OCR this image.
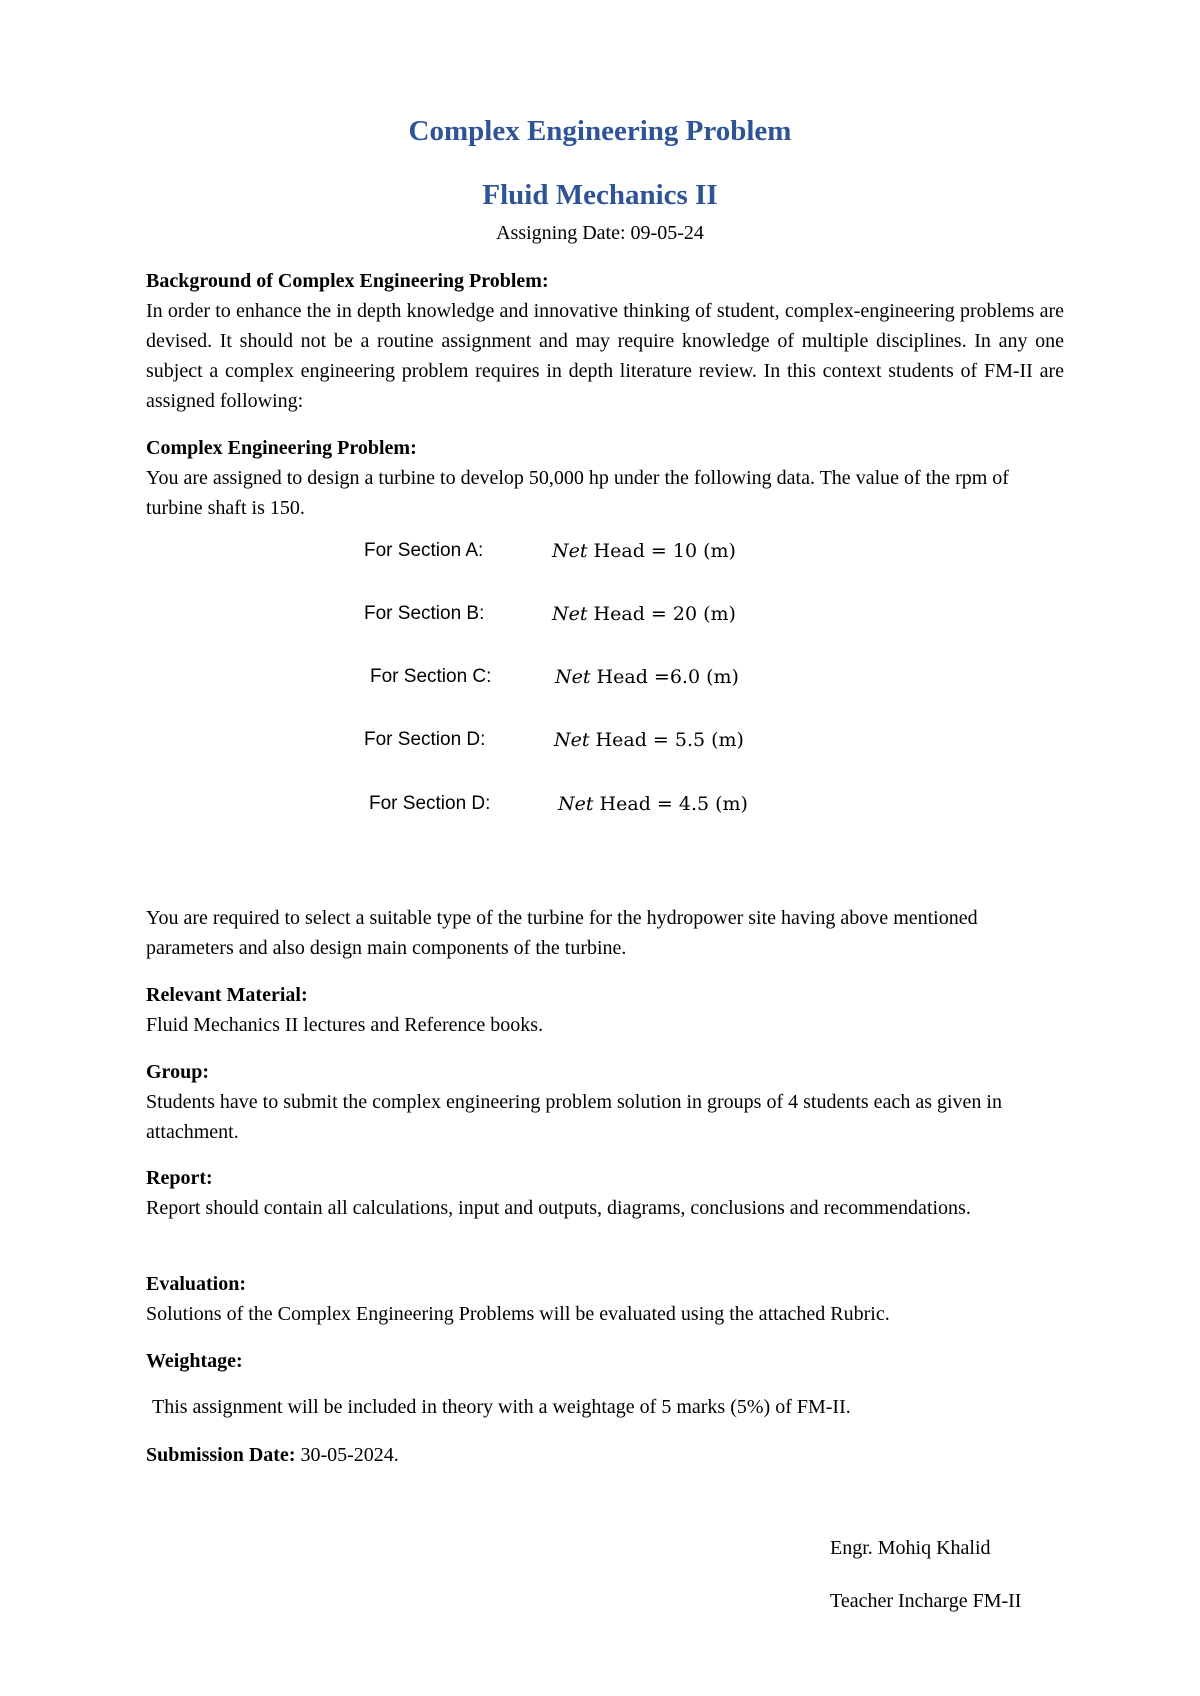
Complex Engineering Problem
Fluid Mechanics II
Assigning Date: 09-05-24
Background of Complex Engineering Problem:
In order to enhance the in depth knowledge and innovative thinking of student, complex-engineering problems are devised. It should not be a routine assignment and may require knowledge of multiple disciplines. In any one subject a complex engineering problem requires in depth literature review. In this context students of FM-II are assigned following:
Complex Engineering Problem:
You are assigned to design a turbine to develop 50,000 hp under the following data. The value of the rpm of turbine shaft is 150.
For Section A:	Net Head = 10 (m)
For Section B:	Net Head = 20 (m)
For Section C:	Net Head =6.0 (m)
For Section D:	Net Head = 5.5 (m)
For Section D:	Net Head = 4.5 (m)
You are required to select a suitable type of the turbine for the hydropower site having above mentioned parameters and also design main components of the turbine.
Relevant Material:
Fluid Mechanics II lectures and Reference books.
Group:
Students have to submit the complex engineering problem solution in groups of 4 students each as given in attachment.
Report:
Report should contain all calculations, input and outputs, diagrams, conclusions and recommendations.
Evaluation:
Solutions of the Complex Engineering Problems will be evaluated using the attached Rubric.
Weightage:
This assignment will be included in theory with a weightage of 5 marks (5%) of FM-II.
Submission Date: 30-05-2024.
Engr. Mohiq Khalid
Teacher Incharge FM-II
